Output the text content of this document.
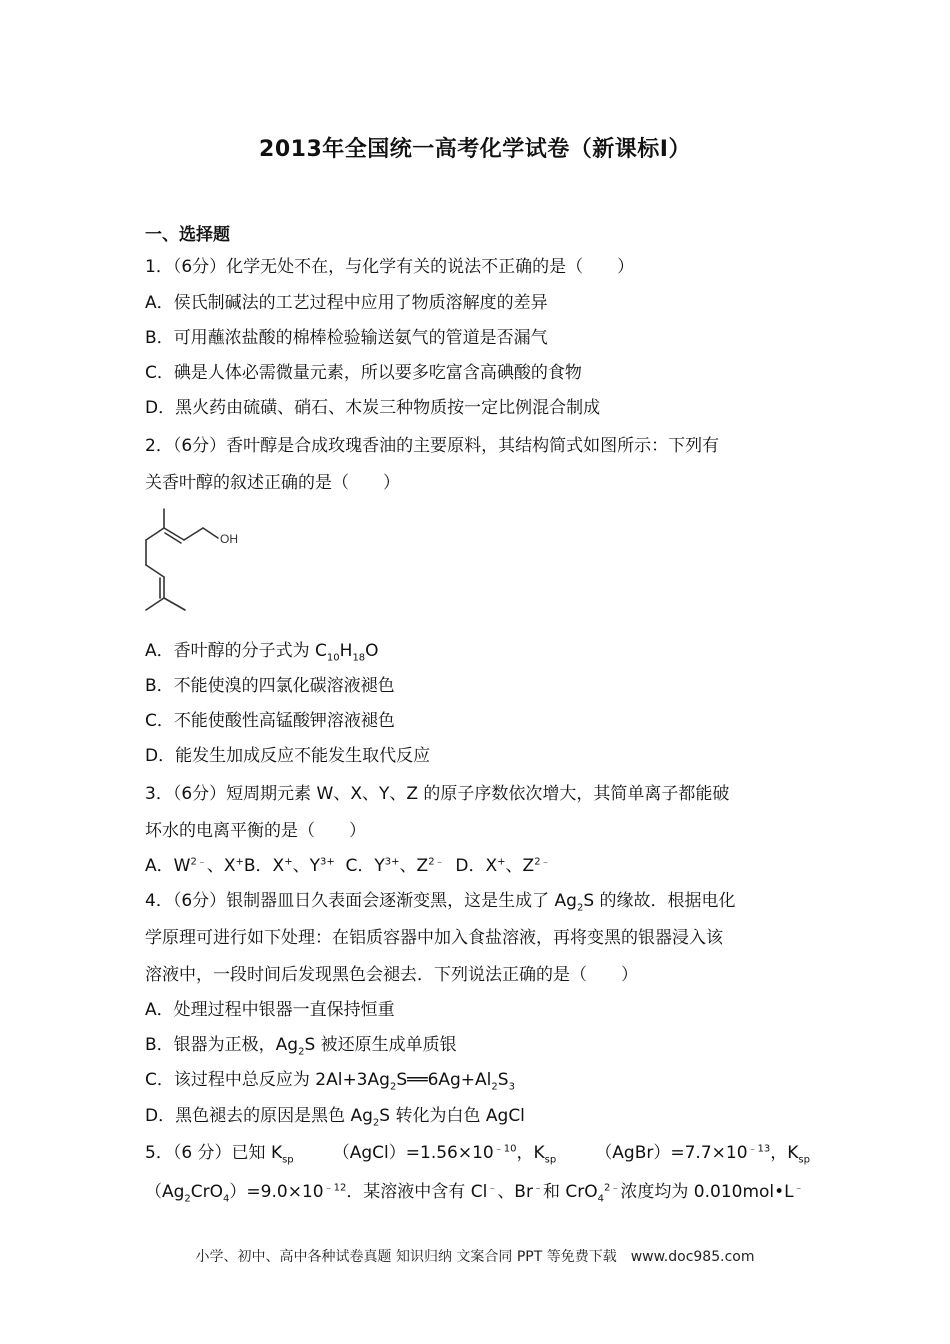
2013年全国统一高考化学试卷（新课标Ⅰ）
一、选择题
1．（6分）化学无处不在，与化学有关的说法不正确的是（　　）
A．侯氏制碱法的工艺过程中应用了物质溶解度的差异
B．可用蘸浓盐酸的棉棒检验输送氨气的管道是否漏气
C．碘是人体必需微量元素，所以要多吃富含高碘酸的食物
D．黑火药由硫磺、硝石、木炭三种物质按一定比例混合制成
2．（6分）香叶醇是合成玫瑰香油的主要原料，其结构简式如图所示：下列有
关香叶醇的叙述正确的是（　　）
OH
A．香叶醇的分子式为 $C_{10}H_{18}O$
B．不能使溴的四氯化碳溶液褪色
C．不能使酸性高锰酸钾溶液褪色
D．能发生加成反应不能发生取代反应
3．（6分）短周期元素 W、X、Y、Z 的原子序数依次增大，其简单离子都能破
坏水的电离平衡的是（　　）
A．$W^{2﹣}$、X+B．X+、$Y^{3+}$ C．$Y^{3+}$、$Z^{2﹣}$ D．X+、$Z^{2﹣}$
4．（6分）银制器皿日久表面会逐渐变黑，这是生成了 $Ag_2S$ 的缘故．根据电化
学原理可进行如下处理：在铝质容器中加入食盐溶液，再将变黑的银器浸入该
溶液中，一段时间后发现黑色会褪去．下列说法正确的是（　　）
A．处理过程中银器一直保持恒重
B．银器为正极，$Ag_2S$ 被还原生成单质银
C．该过程中总反应为 $2Al+3Ag_2S══6Ag+Al_2S_3$
D．黑色褪去的原因是黑色 $Ag_2S$ 转化为白色 AgCl
5．（6 分）已知 $K_{sp}$ $(AgCl)=1.56\times 10^{﹣10}$，$K_{sp}$ $(AgBr)=7.7\times 10^{﹣13}$，$K_{sp}$
$(Ag_2CrO_4)=9.0\times 10^{﹣12}$．某溶液中含有 Cl﹣、Br﹣和 CrO$_4^{2﹣}$浓度均为 0.010mol•L﹣
小学、初中、高中各种试卷真题 知识归纳 文案合同 PPT 等免费下载　www.doc985.com
